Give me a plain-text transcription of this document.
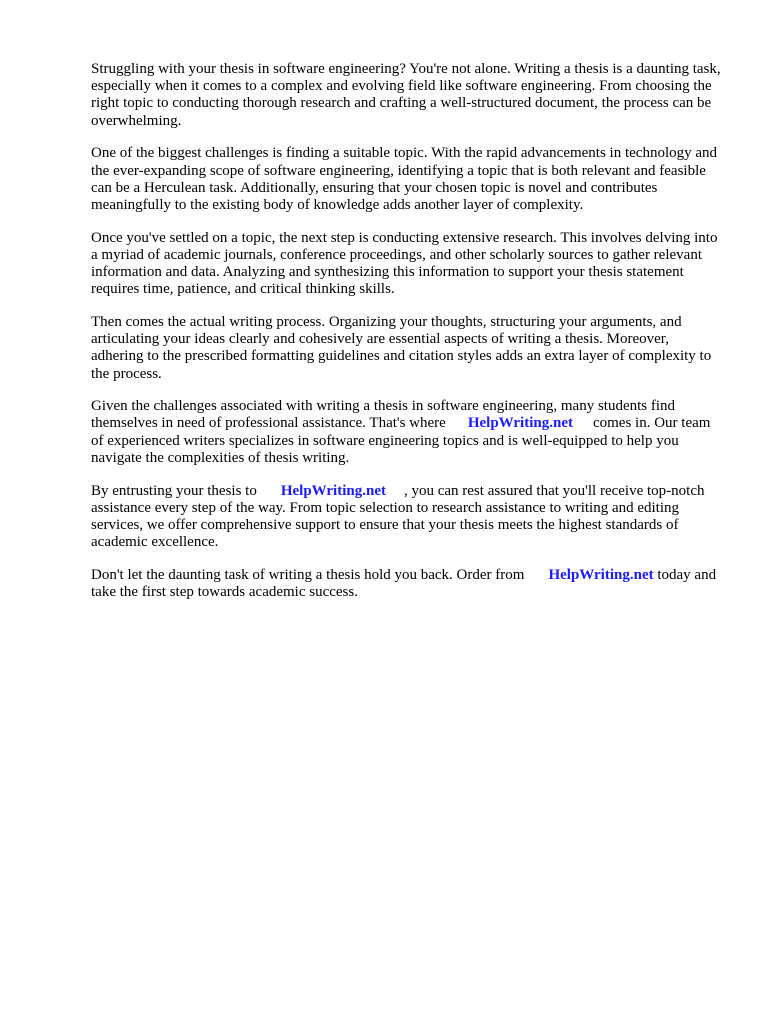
Struggling with your thesis in software engineering? You're not alone. Writing a thesis is a daunting task, especially when it comes to a complex and evolving field like software engineering. From choosing the right topic to conducting thorough research and crafting a well-structured document, the process can be overwhelming.

One of the biggest challenges is finding a suitable topic. With the rapid advancements in technology and the ever-expanding scope of software engineering, identifying a topic that is both relevant and feasible can be a Herculean task. Additionally, ensuring that your chosen topic is novel and contributes meaningfully to the existing body of knowledge adds another layer of complexity.

Once you've settled on a topic, the next step is conducting extensive research. This involves delving into a myriad of academic journals, conference proceedings, and other scholarly sources to gather relevant information and data. Analyzing and synthesizing this information to support your thesis statement requires time, patience, and critical thinking skills.

Then comes the actual writing process. Organizing your thoughts, structuring your arguments, and articulating your ideas clearly and cohesively are essential aspects of writing a thesis. Moreover, adhering to the prescribed formatting guidelines and citation styles adds an extra layer of complexity to the process.

Given the challenges associated with writing a thesis in software engineering, many students find themselves in need of professional assistance. That's where HelpWriting.net comes in. Our team of experienced writers specializes in software engineering topics and is well-equipped to help you navigate the complexities of thesis writing.

By entrusting your thesis to HelpWriting.net , you can rest assured that you'll receive top-notch assistance every step of the way. From topic selection to research assistance to writing and editing services, we offer comprehensive support to ensure that your thesis meets the highest standards of academic excellence.

Don't let the daunting task of writing a thesis hold you back. Order from HelpWriting.net today and take the first step towards academic success.
